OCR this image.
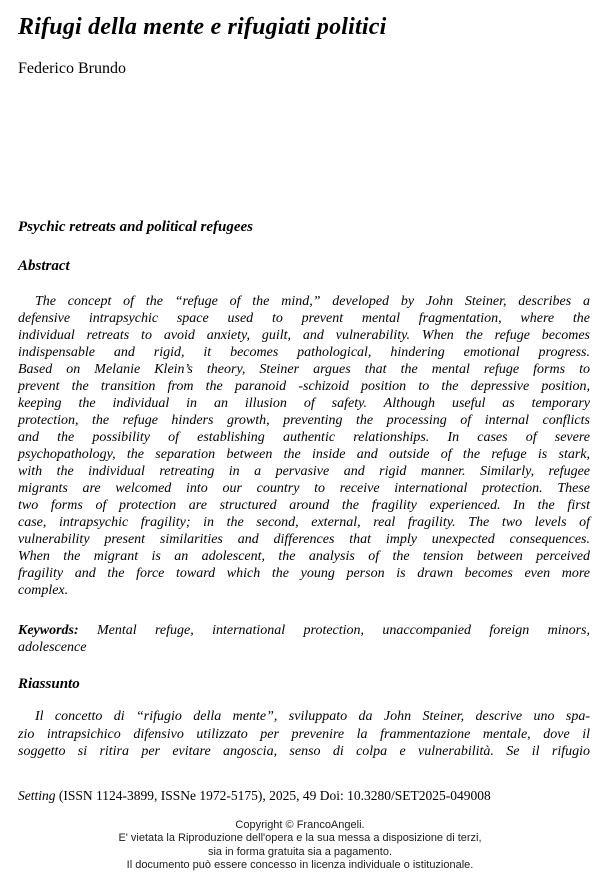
Rifugi della mente e rifugiati politici
Federico Brundo
Psychic retreats and political refugees
Abstract
The concept of the “refuge of the mind,” developed by John Steiner, describes a
defensive intrapsychic space used to prevent mental fragmentation, where the
individual retreats to avoid anxiety, guilt, and vulnerability. When the refuge becomes
indispensable and rigid, it becomes pathological, hindering emotional progress.
Based on Melanie Klein’s theory, Steiner argues that the mental refuge forms to
prevent the transition from the paranoid -schizoid position to the depressive position,
keeping the individual in an illusion of safety. Although useful as temporary
protection, the refuge hinders growth, preventing the processing of internal conflicts
and the possibility of establishing authentic relationships. In cases of severe
psychopathology, the separation between the inside and outside of the refuge is stark,
with the individual retreating in a pervasive and rigid manner. Similarly, refugee
migrants are welcomed into our country to receive international protection. These
two forms of protection are structured around the fragility experienced. In the first
case, intrapsychic fragility; in the second, external, real fragility. The two levels of
vulnerability present similarities and differences that imply unexpected consequences.
When the migrant is an adolescent, the analysis of the tension between perceived
fragility and the force toward which the young person is drawn becomes even more
complex.
Keywords: Mental refuge, international protection, unaccompanied foreign minors,
adolescence
Riassunto
Il concetto di “rifugio della mente”, sviluppato da John Steiner, descrive uno spa-
zio intrapsichico difensivo utilizzato per prevenire la frammentazione mentale, dove il
soggetto si ritira per evitare angoscia, senso di colpa e vulnerabilità. Se il rifugio
Setting (ISSN 1124-3899, ISSNe 1972-5175), 2025, 49 Doi: 10.3280/SET2025-049008
Copyright © FrancoAngeli.
E' vietata la Riproduzione dell'opera e la sua messa a disposizione di terzi,
sia in forma gratuita sia a pagamento.
Il documento può essere concesso in licenza individuale o istituzionale.
